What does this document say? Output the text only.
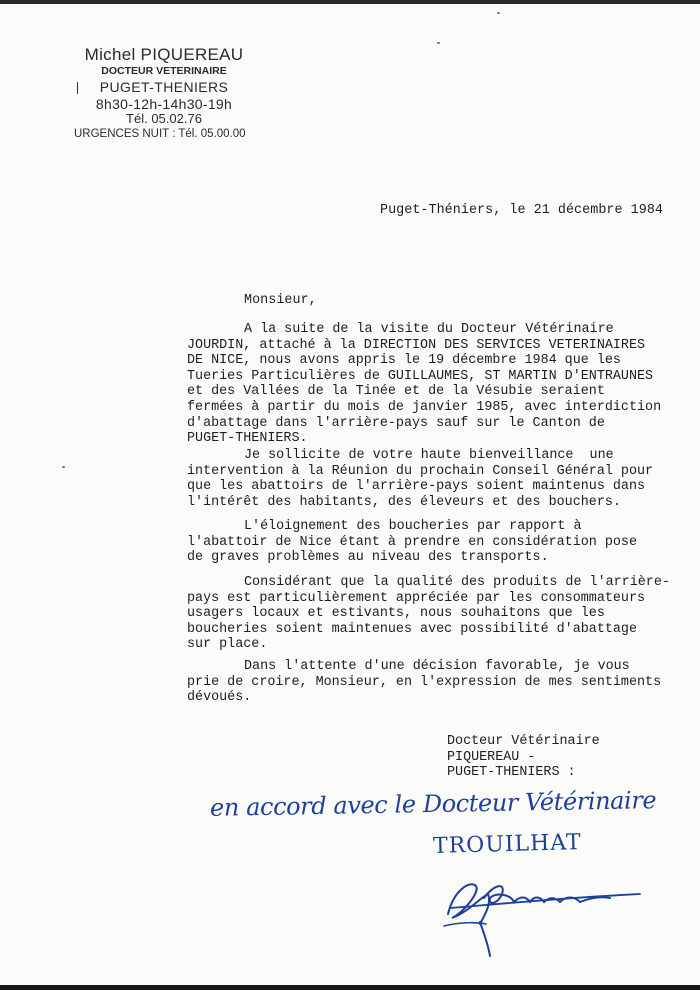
Michel PIQUEREAU
DOCTEUR VETERINAIRE
PUGET-THENIERS
8h30-12h-14h30-19h
Tél. 05.02.76
URGENCES NUIT : Tél. 05.00.00
Puget-Théniers, le 21 décembre 1984
Monsieur,
A la suite de la visite du Docteur Vétérinaire
JOURDIN, attaché à la DIRECTION DES SERVICES VETERINAIRES
DE NICE, nous avons appris le 19 décembre 1984 que les
Tueries Particulières de GUILLAUMES, ST MARTIN D'ENTRAUNES
et des Vallées de la Tinée et de la Vésubie seraient
fermées à partir du mois de janvier 1985, avec interdiction
d'abattage dans l'arrière-pays sauf sur le Canton de
PUGET-THENIERS.
Je sollicite de votre haute bienveillance  une
intervention à la Réunion du prochain Conseil Général pour
que les abattoirs de l'arrière-pays soient maintenus dans
l'intérêt des habitants, des éleveurs et des bouchers.
L'éloignement des boucheries par rapport à
l'abattoir de Nice étant à prendre en considération pose
de graves problèmes au niveau des transports.
Considérant que la qualité des produits de l'arrière-
pays est particulièrement appréciée par les consommateurs
usagers locaux et estivants, nous souhaitons que les
boucheries soient maintenues avec possibilité d'abattage
sur place.
Dans l'attente d'une décision favorable, je vous
prie de croire, Monsieur, en l'expression de mes sentiments
dévoués.
Docteur Vétérinaire
PIQUEREAU -
PUGET-THENIERS :
en accord avec le Docteur Vétérinaire
TROUILHAT
